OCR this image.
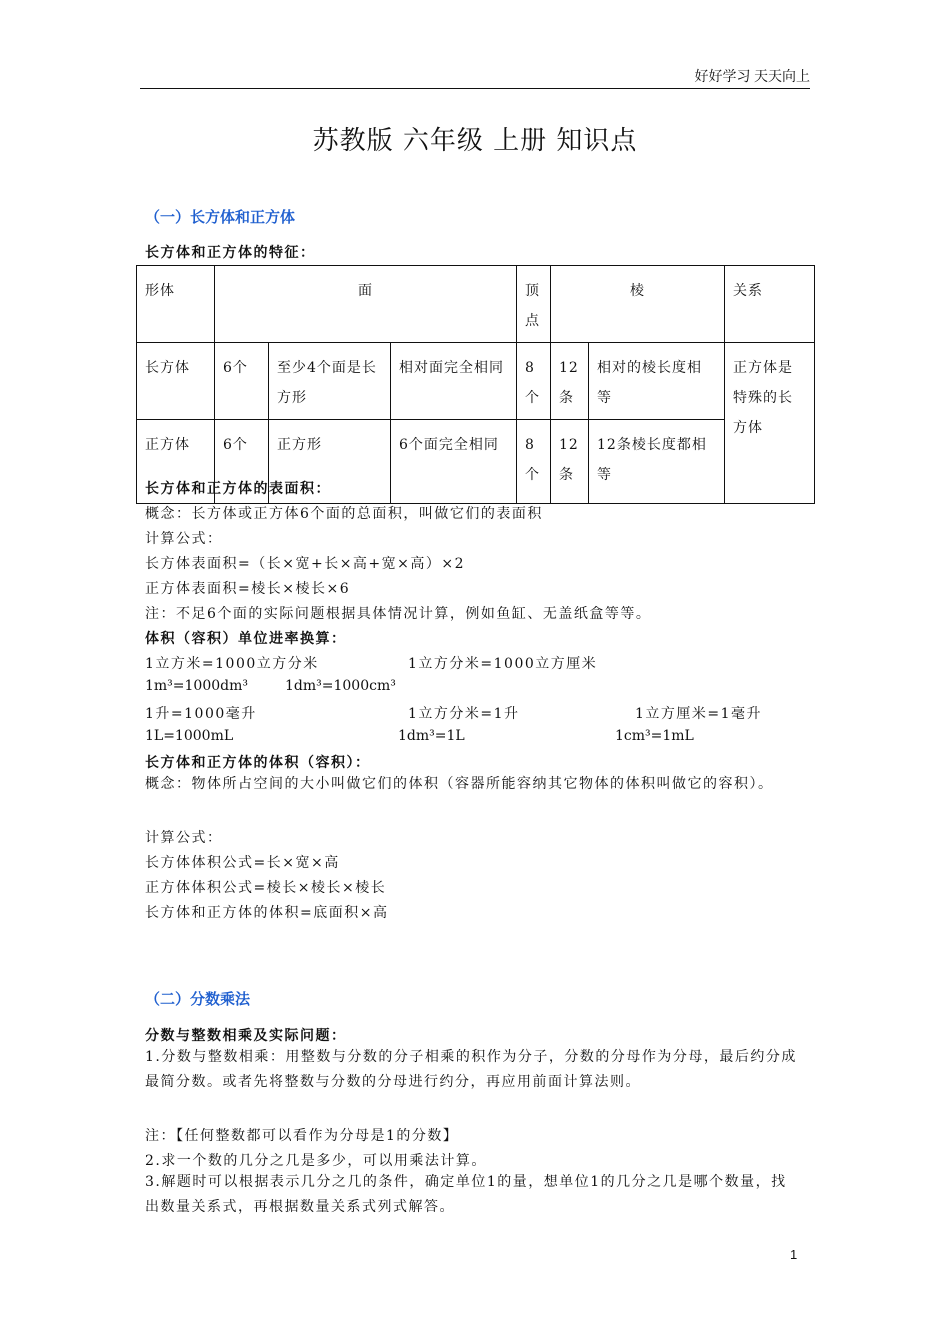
好好学习 天天向上
苏教版 六年级 上册 知识点
（一）长方体和正方体
长方体和正方体的特征：
形体	面			顶点	棱		关系
长方体	6个	至少4个面是长方形	相对面完全相同	8个	12条	相对的棱长度相等	正方体是特殊的长方体
正方体	6个	正方形	6个面完全相同	8个	12条	12条棱长度都相等	
长方体和正方体的表面积：
概念：长方体或正方体6个面的总面积，叫做它们的表面积
计算公式：
长方体表面积=（长×宽+长×高+宽×高）×2
正方体表面积=棱长×棱长×6
注：不足6个面的实际问题根据具体情况计算，例如鱼缸、无盖纸盒等等。
体积（容积）单位进率换算：
1立方米=1000立方分米	1立方分米=1000立方厘米
1m³=1000dm³	1dm³=1000cm³
1升=1000毫升	1立方分米=1升	1立方厘米=1毫升
1L=1000mL	1dm³=1L	1cm³=1mL
长方体和正方体的体积（容积）：
概念：物体所占空间的大小叫做它们的体积（容器所能容纳其它物体的体积叫做它的容积）。
计算公式：
长方体体积公式=长×宽×高
正方体体积公式=棱长×棱长×棱长
长方体和正方体的体积=底面积×高
（二）分数乘法
分数与整数相乘及实际问题：
1.分数与整数相乘：用整数与分数的分子相乘的积作为分子，分数的分母作为分母，最后约分成最简分数。或者先将整数与分数的分母进行约分，再应用前面计算法则。
注：【任何整数都可以看作为分母是1的分数】
2.求一个数的几分之几是多少，可以用乘法计算。
3.解题时可以根据表示几分之几的条件，确定单位1的量，想单位1的几分之几是哪个数量，找出数量关系式，再根据数量关系式列式解答。
1
